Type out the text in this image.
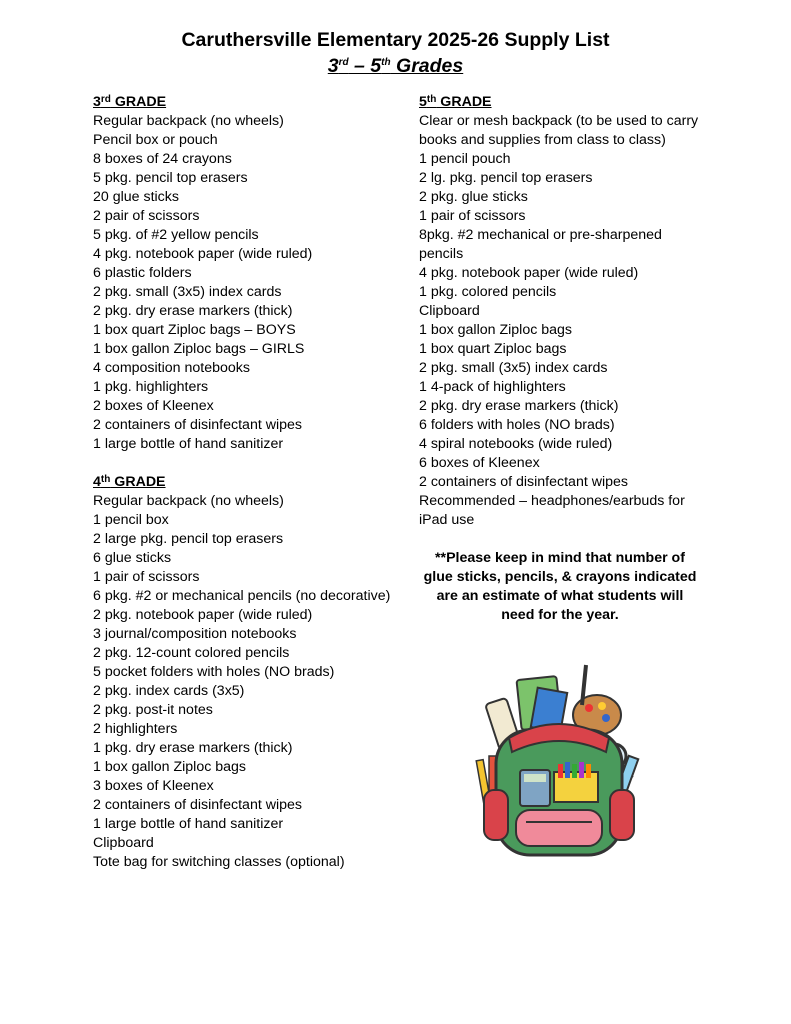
Caruthersville Elementary 2025-26 Supply List
3rd – 5th Grades
3rd GRADE
Regular backpack (no wheels)
Pencil box or pouch
8 boxes of 24 crayons
5 pkg. pencil top erasers
20 glue sticks
2 pair of scissors
5 pkg. of #2 yellow pencils
4 pkg. notebook paper (wide ruled)
6 plastic folders
2 pkg. small (3x5) index cards
2 pkg. dry erase markers (thick)
1 box quart Ziploc bags – BOYS
1 box gallon Ziploc bags – GIRLS
4 composition notebooks
1 pkg. highlighters
2 boxes of Kleenex
2 containers of disinfectant wipes
1 large bottle of hand sanitizer
4th GRADE
Regular backpack (no wheels)
1 pencil box
2 large pkg. pencil top erasers
6 glue sticks
1 pair of scissors
6 pkg. #2 or mechanical pencils (no decorative)
2 pkg. notebook paper (wide ruled)
3 journal/composition notebooks
2 pkg. 12-count colored pencils
5 pocket folders with holes (NO brads)
2 pkg. index cards (3x5)
2 pkg. post-it notes
2 highlighters
1 pkg. dry erase markers (thick)
1 box gallon Ziploc bags
3 boxes of Kleenex
2 containers of disinfectant wipes
1 large bottle of hand sanitizer
Clipboard
Tote bag for switching classes (optional)
5th GRADE
Clear or mesh backpack (to be used to carry books and supplies from class to class)
1 pencil pouch
2 lg. pkg. pencil top erasers
2 pkg. glue sticks
1 pair of scissors
8pkg. #2 mechanical or pre-sharpened pencils
4 pkg. notebook paper (wide ruled)
1 pkg. colored pencils
Clipboard
1 box gallon Ziploc bags
1 box quart Ziploc bags
2 pkg. small (3x5) index cards
1 4-pack of highlighters
2 pkg. dry erase markers (thick)
6 folders with holes (NO brads)
4 spiral notebooks (wide ruled)
6 boxes of Kleenex
2 containers of disinfectant wipes
Recommended – headphones/earbuds for iPad use
**Please keep in mind that number of glue sticks, pencils, & crayons indicated are an estimate of what students will need for the year.
